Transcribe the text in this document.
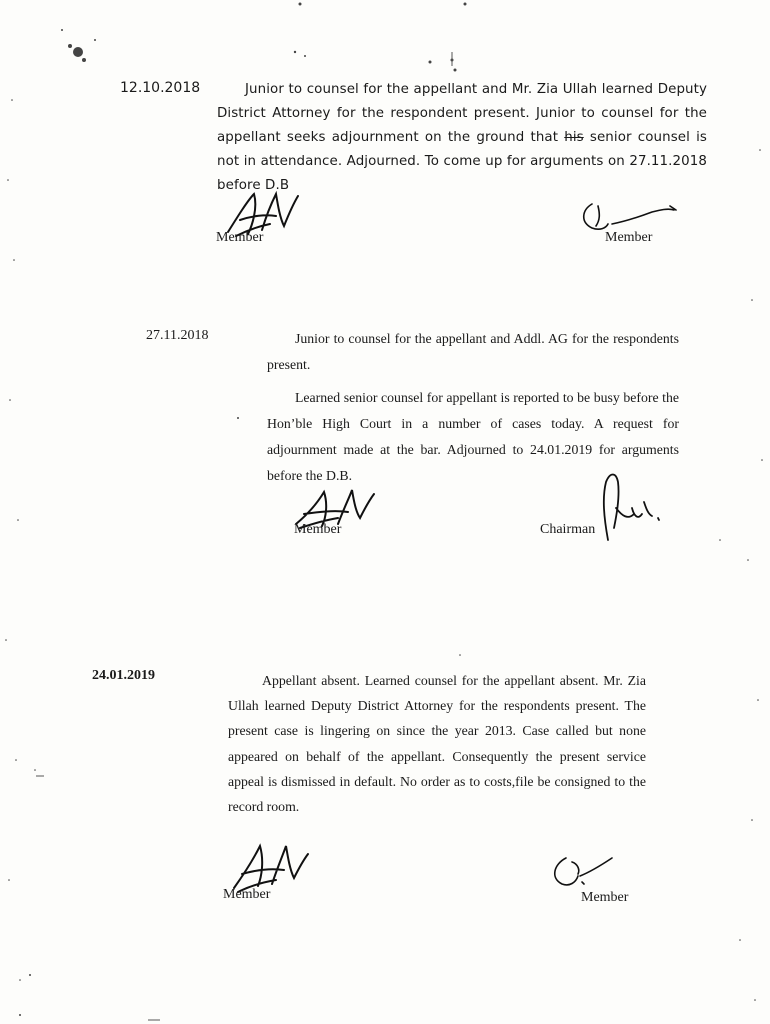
12.10.2018	Junior to counsel for the appellant and Mr. Zia Ullah learned Deputy District Attorney for the respondent present. Junior to counsel for the appellant seeks adjournment on the ground that his senior counsel is not in attendance. Adjourned. To come up for arguments on 27.11.2018 before D.B
Member	Member
27.11.2018	Junior to counsel for the appellant and Addl. AG for the respondents present.
Learned senior counsel for appellant is reported to be busy before the Hon’ble High Court in a number of cases today. A request for adjournment made at the bar. Adjourned to 24.01.2019 for arguments before the D.B.
Member	Chairman
24.01.2019	Appellant absent. Learned counsel for the appellant absent. Mr. Zia Ullah learned Deputy District Attorney for the respondents present. The present case is lingering on since the year 2013. Case called but none appeared on behalf of the appellant. Consequently the present service appeal is dismissed in default. No order as to costs,file be consigned to the record room.
Member	Member
